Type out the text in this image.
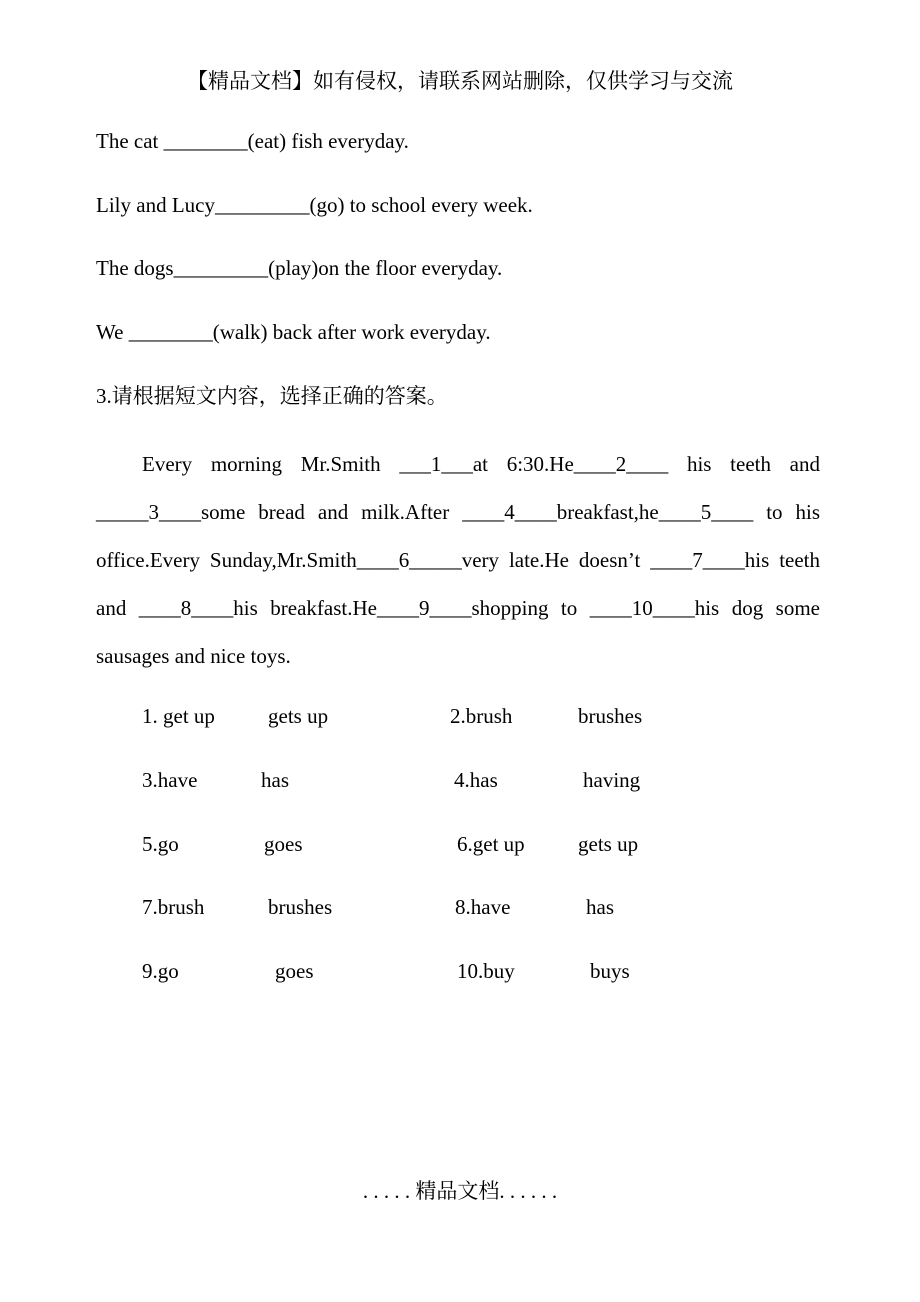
【精品文档】如有侵权，请联系网站删除，仅供学习与交流
The cat ________(eat) fish everyday.
Lily and Lucy_________(go) to school every week.
The dogs_________(play)on the floor everyday.
We ________(walk) back after work everyday.
3.请根据短文内容，选择正确的答案。

Every morning Mr.Smith ___1___at 6:30.He____2____ his teeth and _____3____some bread and milk.After ____4____breakfast,he____5____ to his office.Every Sunday,Mr.Smith____6_____very late.He doesn’t ____7____his teeth and ____8____his breakfast.He____9____shopping to ____10____his dog some sausages and nice toys.

1. get up	gets up	2.brush	brushes
3.have	has	4.has	having
5.go	goes	6.get up	gets up
7.brush	brushes	8.have	has
9.go	goes	10.buy	buys
. . . . . 精品文档. . . . . .
